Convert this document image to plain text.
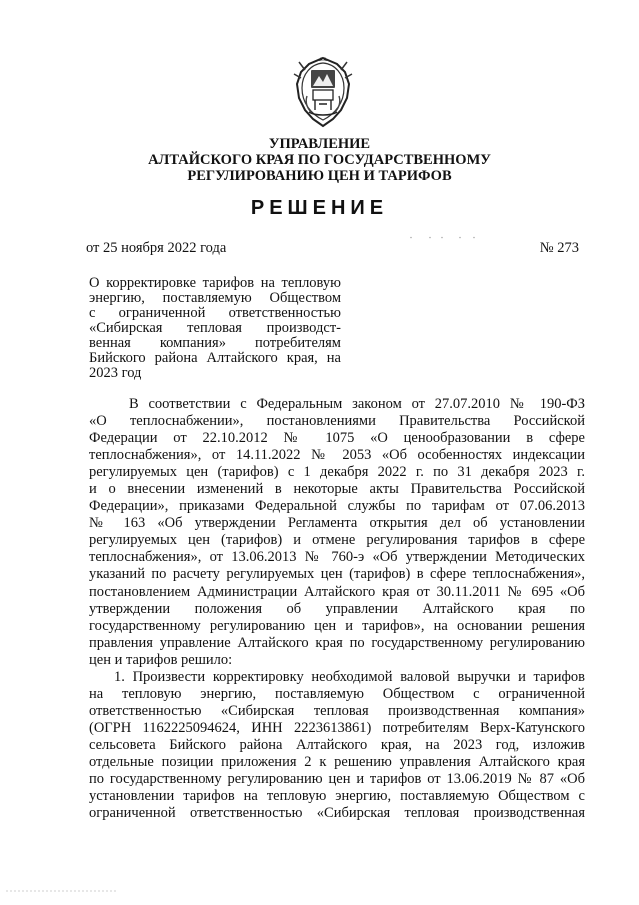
УПРАВЛЕНИЕ
АЛТАЙСКОГО КРАЯ ПО ГОСУДАРСТВЕННОМУ
РЕГУЛИРОВАНИЮ ЦЕН И ТАРИФОВ
РЕШЕНИЕ
от 25 ноября 2022 года	№ 273
О корректировке тарифов на тепловую
энергию, поставляемую Обществом
с ограниченной ответственностью
«Сибирская тепловая производст-
венная компания» потребителям
Бийского района Алтайского края, на
2023 год
В соответствии с Федеральным законом от 27.07.2010 № 190-ФЗ
«О теплоснабжении», постановлениями Правительства Российской
Федерации от 22.10.2012 № 1075 «О ценообразовании в сфере
теплоснабжения», от 14.11.2022 № 2053 «Об особенностях индексации
регулируемых цен (тарифов) с 1 декабря 2022 г. по 31 декабря 2023 г.
и о внесении изменений в некоторые акты Правительства Российской
Федерации», приказами Федеральной службы по тарифам от 07.06.2013
№ 163 «Об утверждении Регламента открытия дел об установлении
регулируемых цен (тарифов) и отмене регулирования тарифов в сфере
теплоснабжения», от 13.06.2013 № 760-э «Об утверждении Методических
указаний по расчету регулируемых цен (тарифов) в сфере теплоснабжения»,
постановлением Администрации Алтайского края от 30.11.2011 № 695 «Об
утверждении положения об управлении Алтайского края по
государственному регулированию цен и тарифов», на основании решения
правления управление Алтайского края по государственному регулированию
цен и тарифов решило:
1. Произвести корректировку необходимой валовой выручки и тарифов
на тепловую энергию, поставляемую Обществом с ограниченной
ответственностью «Сибирская тепловая производственная компания»
(ОГРН 1162225094624, ИНН 2223613861) потребителям Верх-Катунского
сельсовета Бийского района Алтайского края, на 2023 год, изложив
отдельные позиции приложения 2 к решению управления Алтайского края
по государственному регулированию цен и тарифов от 13.06.2019 № 87 «Об
установлении тарифов на тепловую энергию, поставляемую Обществом с
ограниченной ответственностью «Сибирская тепловая производственная
